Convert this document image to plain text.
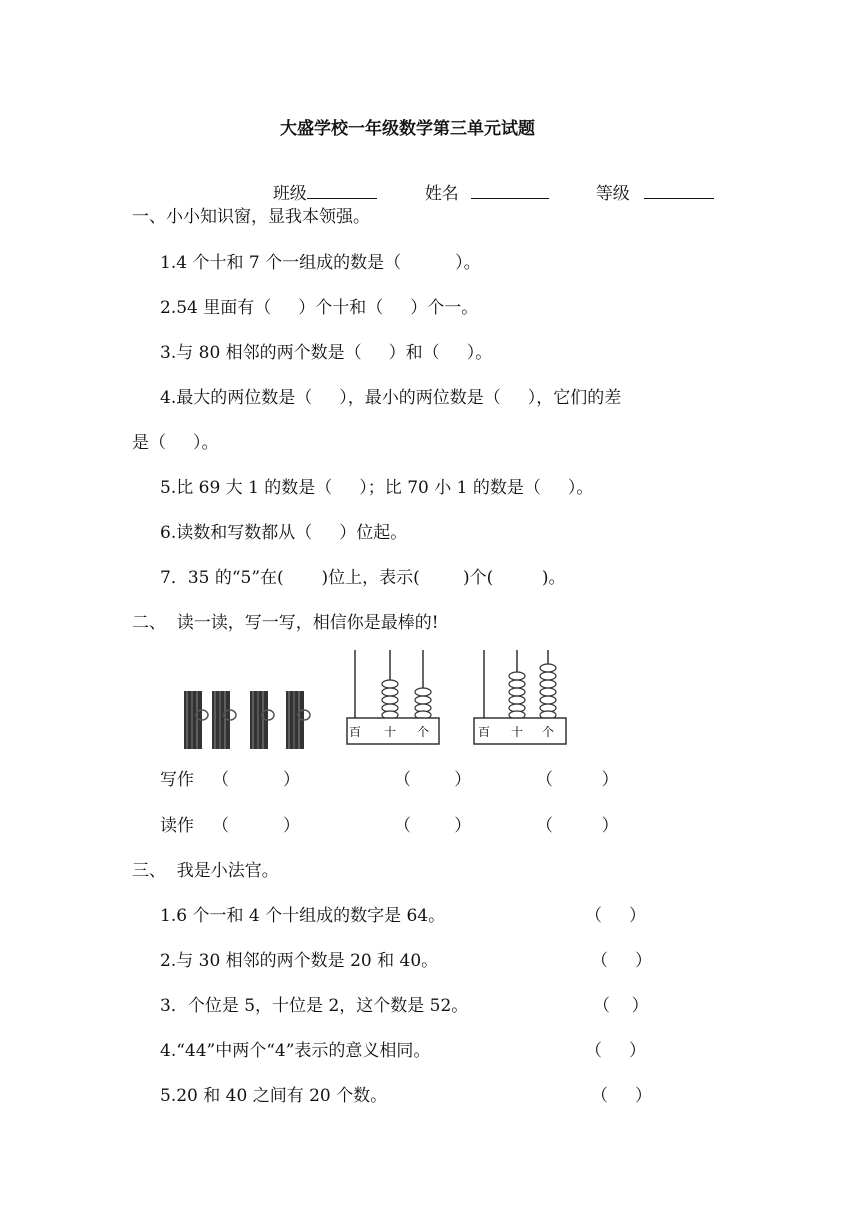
大盛学校一年级数学第三单元试题

班级	姓名	等级

一、小小知识窗，显我本领强。
1.4 个十和 7 个一组成的数是（          ）。
2.54 里面有（     ）个十和（     ）个一。
3.与 80 相邻的两个数是（     ）和（     ）。
4.最大的两位数是（     ），最小的两位数是（     ），它们的差
是（     ）。
5.比 69 大 1 的数是（     ）；比 70 小 1 的数是（     ）。
6.读数和写数都从（     ）位起。
7．35 的“5”在(       )位上，表示(        )个(         )。
二、  读一读，写一写，相信你是最棒的!
百 十 个	百 十 个
写作 （          ）	（        ）	（         ）
读作 （          ）	（        ）	（         ）
三、  我是小法官。
1.6 个一和 4 个十组成的数字是 64。	（     ）
2.与 30 相邻的两个数是 20 和 40。	（     ）
3．个位是 5，十位是 2，这个数是 52。	（    ）
4.“44”中两个“4”表示的意义相同。	（     ）
5.20 和 40 之间有 20 个数。	（     ）
